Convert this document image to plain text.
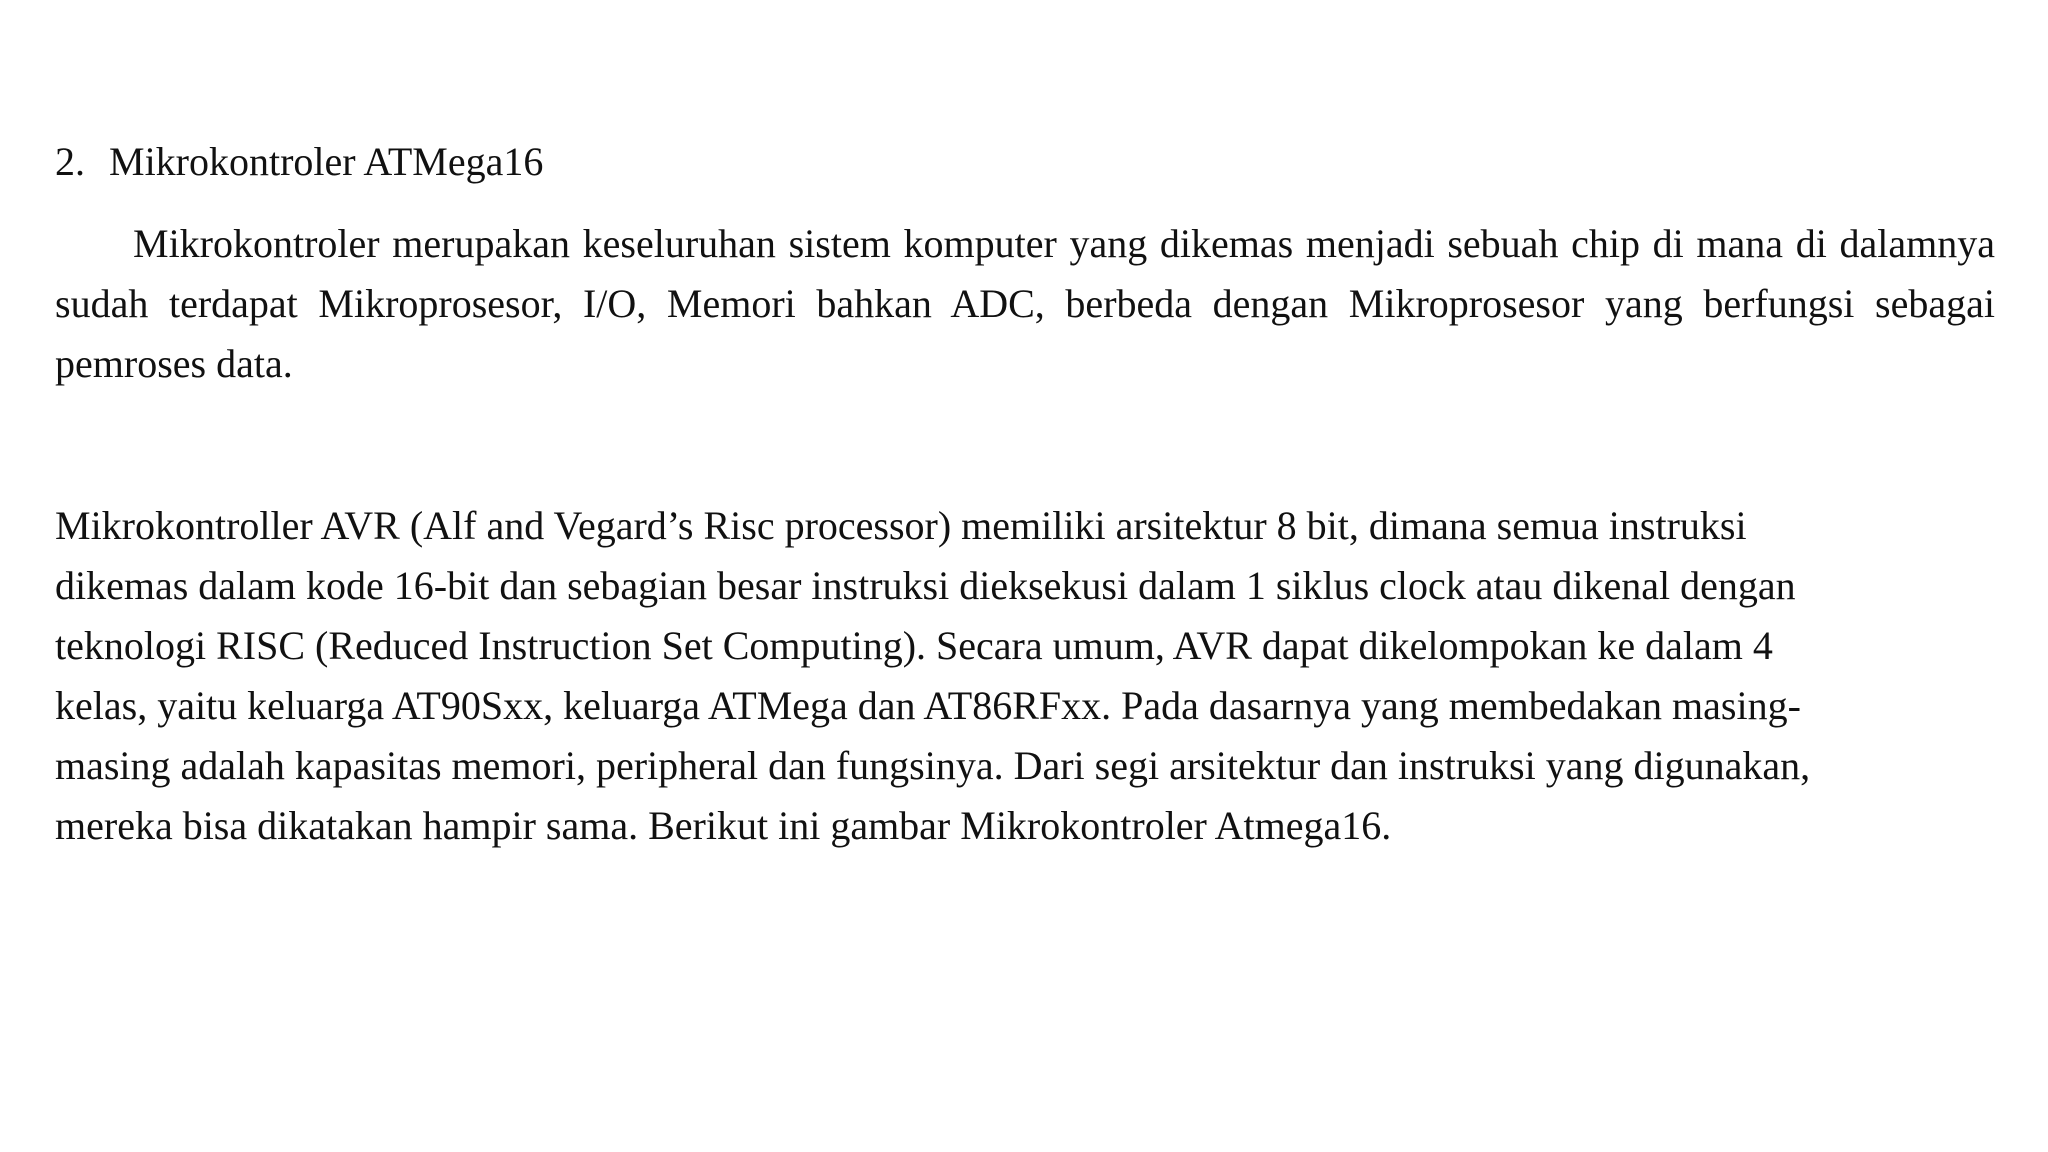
2. Mikrokontroler ATMega16

Mikrokontroler merupakan keseluruhan sistem komputer yang dikemas menjadi sebuah chip di mana di dalamnya sudah terdapat Mikroprosesor, I/O, Memori bahkan ADC, berbeda dengan Mikroprosesor yang berfungsi sebagai pemroses data.

Mikrokontroller AVR (Alf and Vegard’s Risc processor) memiliki arsitektur 8 bit, dimana semua instruksi
dikemas dalam kode 16-bit dan sebagian besar instruksi dieksekusi dalam 1 siklus clock atau dikenal dengan
teknologi RISC (Reduced Instruction Set Computing). Secara umum, AVR dapat dikelompokan ke dalam 4
kelas, yaitu keluarga AT90Sxx, keluarga ATMega dan AT86RFxx. Pada dasarnya yang membedakan masing-
masing adalah kapasitas memori, peripheral dan fungsinya. Dari segi arsitektur dan instruksi yang digunakan,
mereka bisa dikatakan hampir sama. Berikut ini gambar Mikrokontroler Atmega16.
